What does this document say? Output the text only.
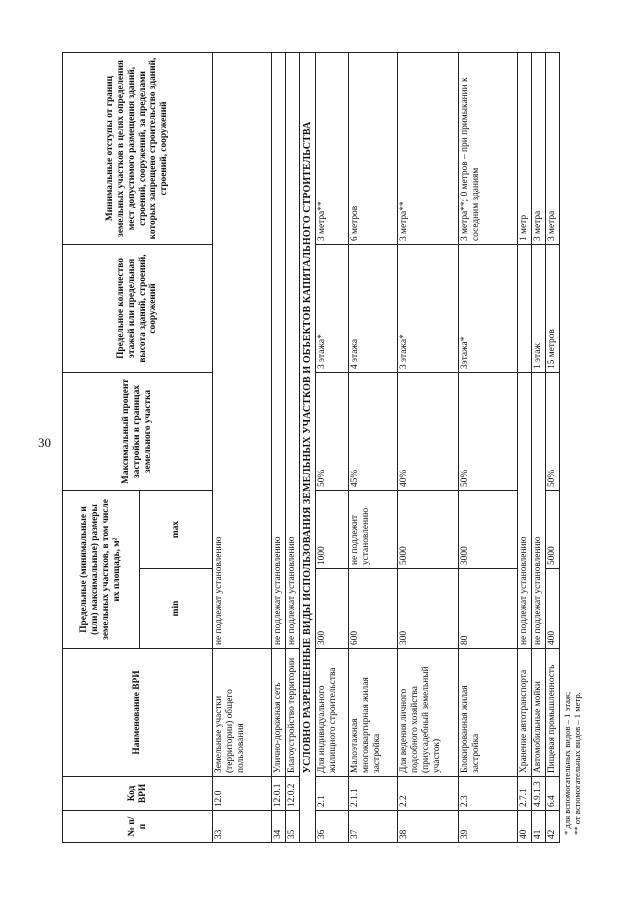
30
№ п/п	Код ВРИ	Наименование ВРИ	Предельные (минимальные и (или) максимальные) размеры земельных участков, в том числе их площадь, м²		Максимальный процент застройки в границах земельного участка	Предельное количество этажей или предельная высота зданий, строений, сооружений	Минимальные отступы от границ земельных участков в целях определения мест допустимого размещения зданий, строений, сооружений, за пределами которых запрещено строительство зданий, строений, сооружений
			min	max			
33	12.0	Земельные участки (территории) общего пользования	не подлежат установлению				
34	12.0.1	Улично-дорожная сеть	не подлежат установлению				
35	12.0.2	Благоустройство территории	не подлежат установлению				
УСЛОВНО РАЗРЕШЕННЫЕ ВИДЫ ИСПОЛЬЗОВАНИЯ ЗЕМЕЛЬНЫХ УЧАСТКОВ И ОБЪЕКТОВ КАПИТАЛЬНОГО СТРОИТЕЛЬСТВА							
36	2.1	Для индивидуального жилищного строительства	300	1000	50%	3 этажа*	3 метра**
37	2.1.1	Малоэтажная многоквартирная жилая застройка	600	не подлежит установлению	45%	4 этажа	6 метров
38	2.2	Для ведения личного подсобного хозяйства (приусадебный земельный участок)	300	5000	40%	3 этажа*	3 метра**
39	2.3	Блокированная жилая застройка	80	3000	50%	3этажа*	3 метра**; 0 метров – при примыкании к соседним зданиям
40	2.7.1	Хранение автотранспорта	не подлежат установлению				1 метр
41	4.9.1.3	Автомобильные мойки	не подлежат установлению			1 этаж	3 метра
42	6.4	Пищевая промышленность	400	5000	50%	15 метров	3 метра
* для вспомогательных видов – 1 этаж; ** от вспомогательных видов – 1 метр.
